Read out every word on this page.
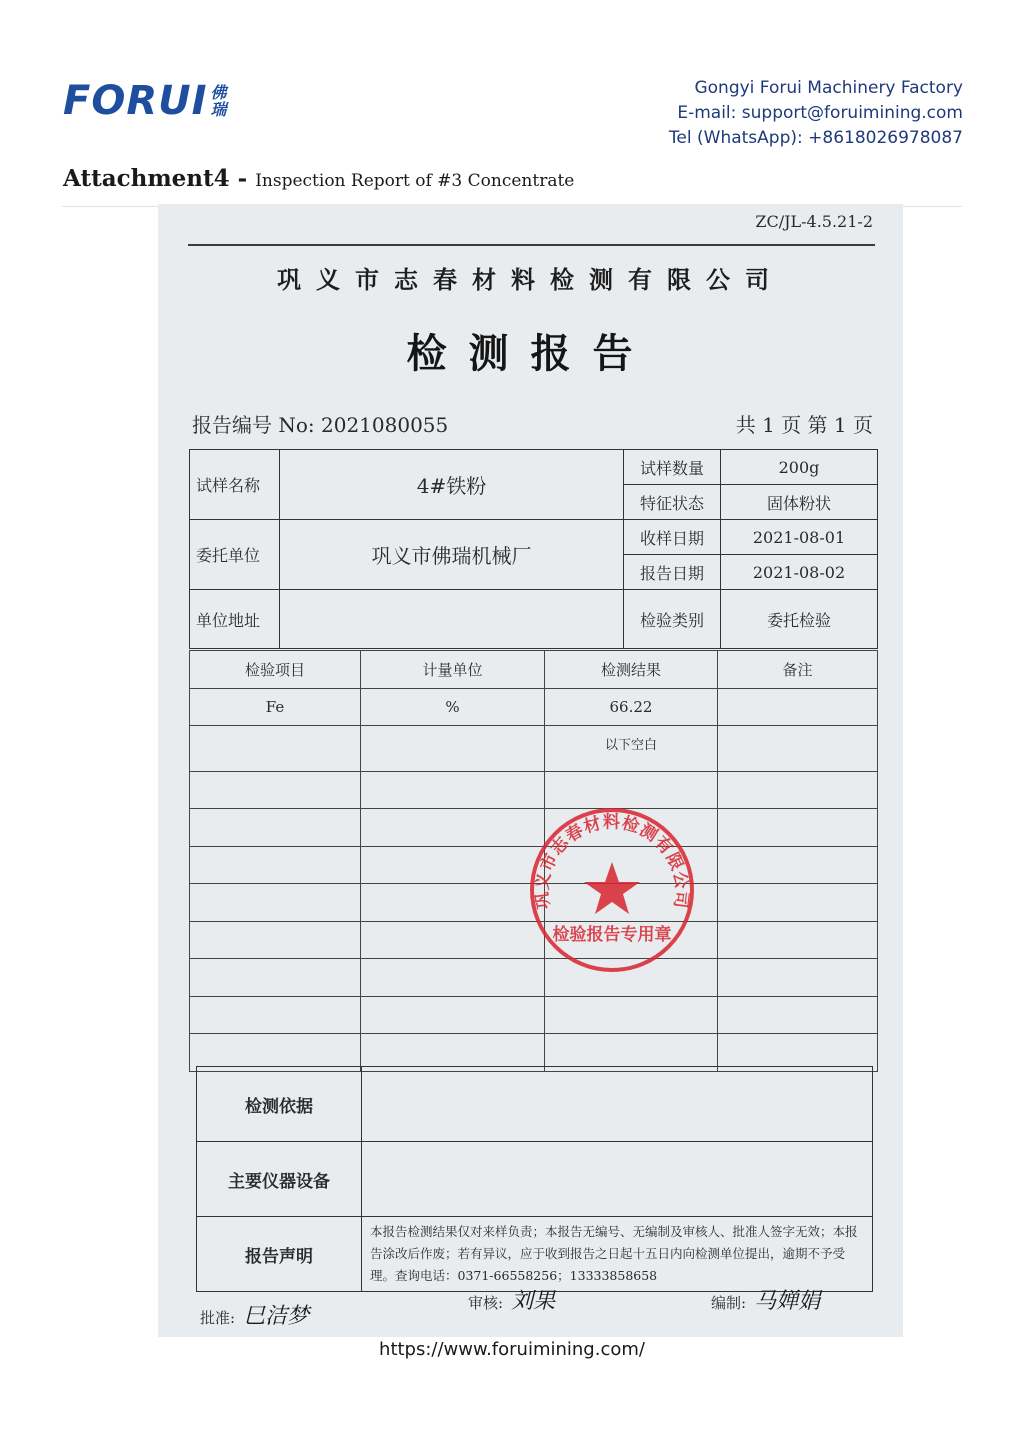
FORUI 佛
瑞
Gongyi Forui Machinery Factory
E-mail: support@foruimining.com
Tel (WhatsApp): +8618026978087
Attachment4 - Inspection Report of #3 Concentrate
ZC/JL-4.5.21-2
巩义市志春材料检测有限公司
检测报告
报告编号 No: 2021080055	共 1 页 第 1 页
试样名称	4#铁粉	试样数量	200g
		特征状态	固体粉状
委托单位	巩义市佛瑞机械厂	收样日期	2021-08-01
		报告日期	2021-08-02
单位地址		检验类别	委托检验
检验项目	计量单位	检测结果	备注
Fe	%	66.22	
		以下空白	

检测依据	
主要仪器设备	
报告声明	本报告检测结果仅对来样负责；本报告无编号、无编制及审核人、批准人签字无效；本报告涂改后作废；若有异议，应于收到报告之日起十五日内向检测单位提出，逾期不予受理。查询电话：0371-66558256；13333858658
批准: 巳洁梦
审核: 刘果	编制: 马婵娟
巩义市志春材料检测有限公司
检验报告专用章
https://www.foruimining.com/
